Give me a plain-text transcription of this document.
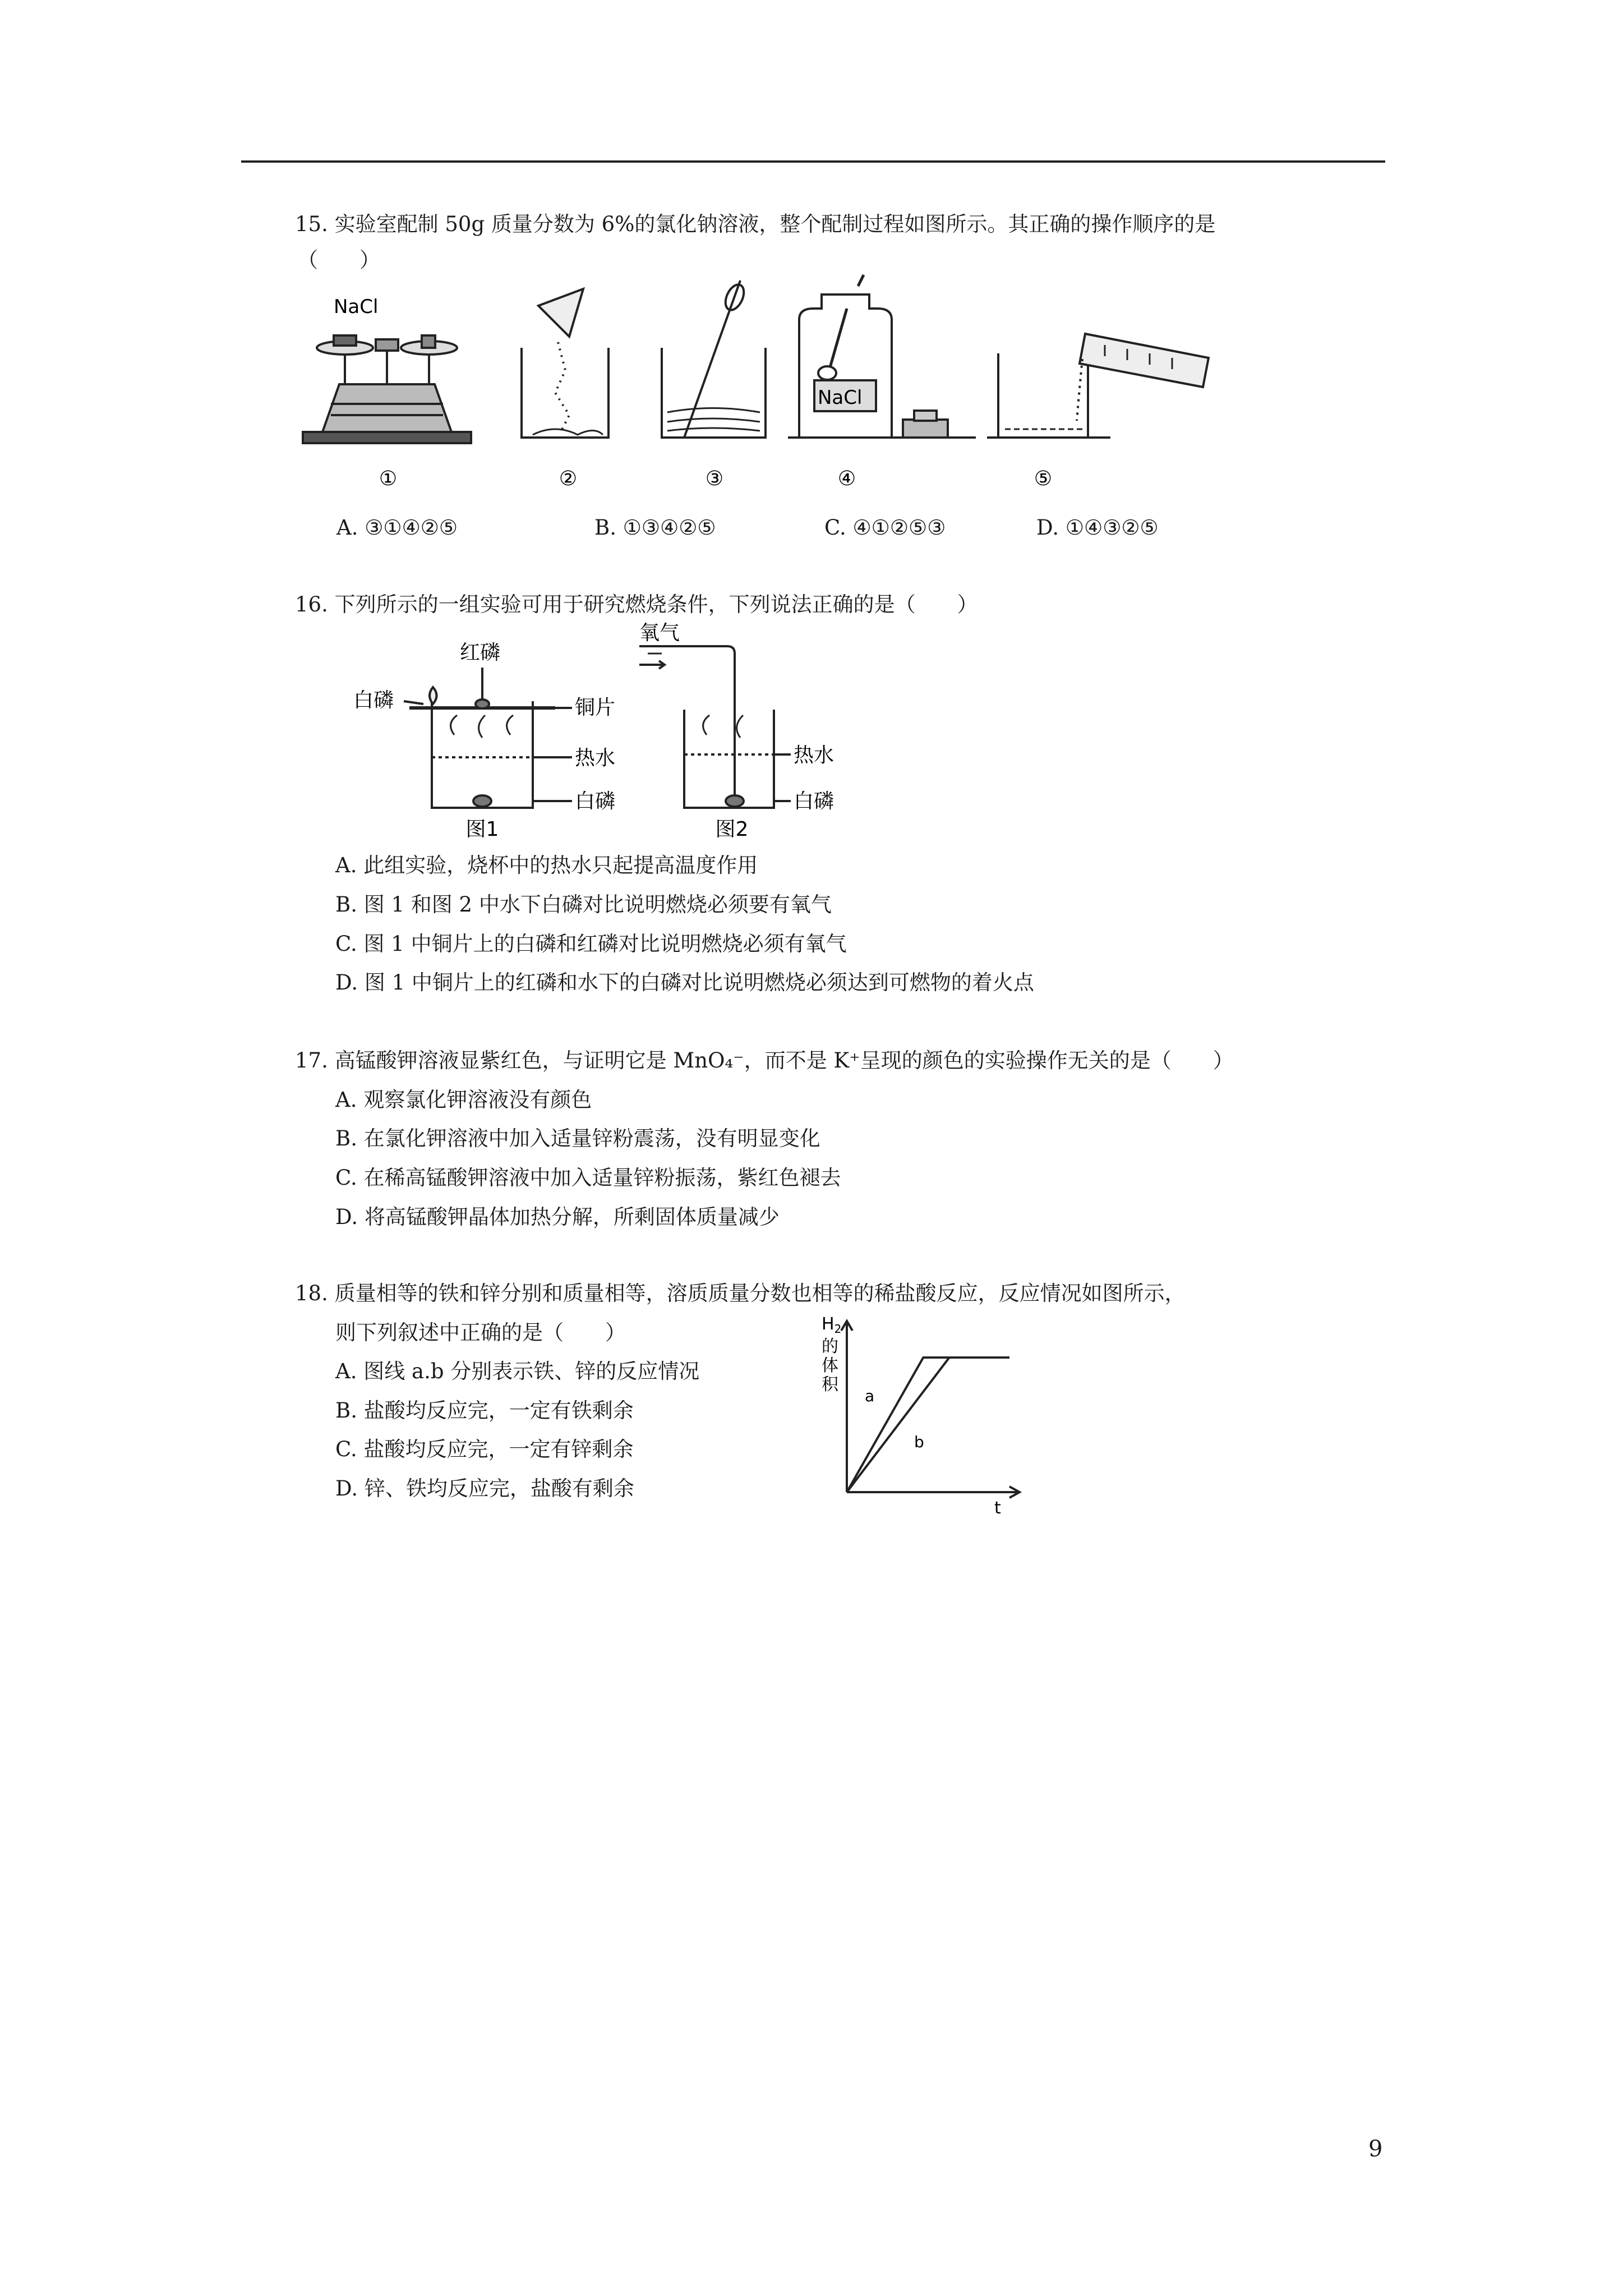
15. 实验室配制 50g 质量分数为 6%的氯化钠溶液，整个配制过程如图所示。其正确的操作顺序的是
（　　）
NaCl
NaCl
①	②	③	④	⑤
A. ③①④②⑤	B. ①③④②⑤	C. ④①②⑤③	D. ①④③②⑤
16. 下列所示的一组实验可用于研究燃烧条件，下列说法正确的是（　　）
红磷
白磷	铜片
热水
白磷
图1
氧气
热水
白磷
图2
A. 此组实验，烧杯中的热水只起提高温度作用
B. 图 1 和图 2 中水下白磷对比说明燃烧必须要有氧气
C. 图 1 中铜片上的白磷和红磷对比说明燃烧必须有氧气
D. 图 1 中铜片上的红磷和水下的白磷对比说明燃烧必须达到可燃物的着火点
17. 高锰酸钾溶液显紫红色，与证明它是 MnO₄⁻，而不是 K⁺呈现的颜色的实验操作无关的是（　　）
A. 观察氯化钾溶液没有颜色
B. 在氯化钾溶液中加入适量锌粉震荡，没有明显变化
C. 在稀高锰酸钾溶液中加入适量锌粉振荡，紫红色褪去
D. 将高锰酸钾晶体加热分解，所剩固体质量减少
18. 质量相等的铁和锌分别和质量相等，溶质质量分数也相等的稀盐酸反应，反应情况如图所示，
则下列叙述中正确的是（　　）
A. 图线 a.b 分别表示铁、锌的反应情况
B. 盐酸均反应完，一定有铁剩余
C. 盐酸均反应完，一定有锌剩余
D. 锌、铁均反应完，盐酸有剩余
$H_2$
的
体
积
t
a
b
9
